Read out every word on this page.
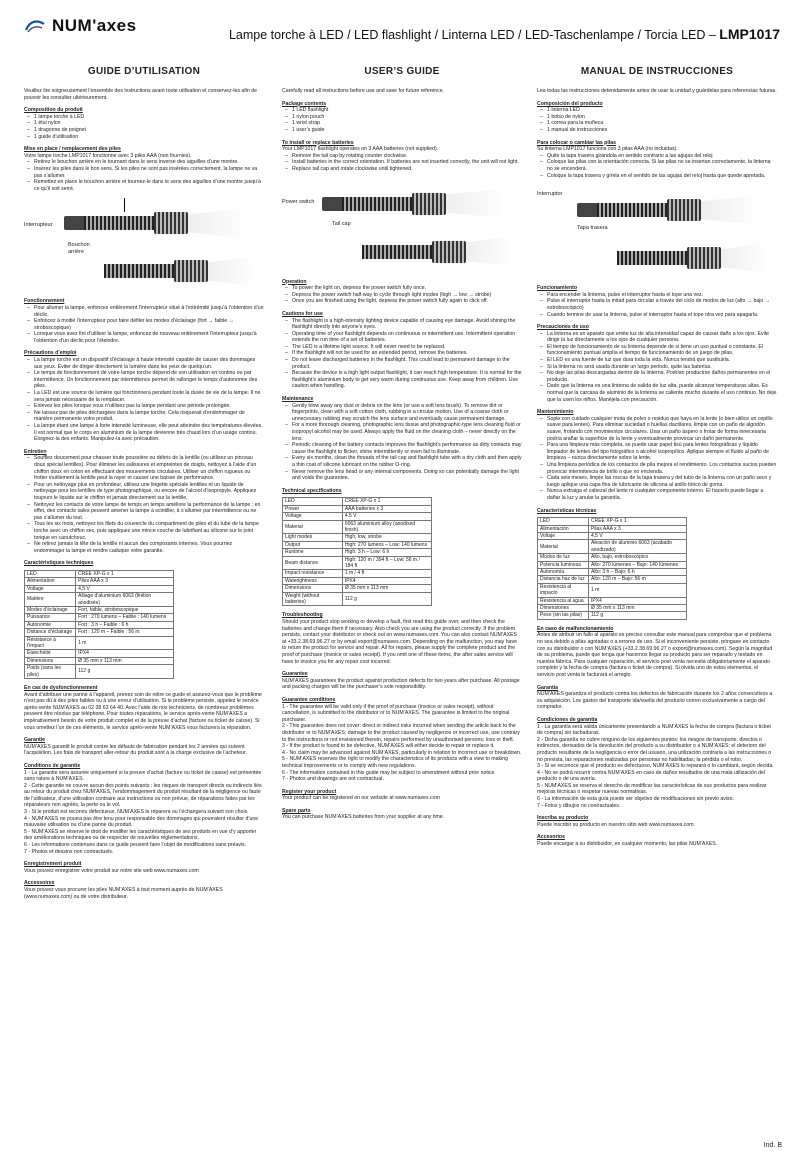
NUM'axes	Lampe torche à LED / LED flashlight / Linterna LED / LED-Taschenlampe / Torcia LED – LMP1017
GUIDE D’UTILISATION

Veuillez lire soigneusement l’ensemble des instructions avant toute utilisation et conservez-les afin de pouvoir les consulter ultérieurement.

Composition du produit
– 1 lampe torche à LED
– 1 étui nylon
– 1 dragonne de poignet
– 1 guide d’utilisation
Mise en place / remplacement des piles

Votre lampe torche LMP1017 fonctionne avec 3 piles AAA (non fournies).

– Retirez le bouchon arrière en le tournant dans le sens inverse des aiguilles d’une montre.
– Insérez les piles dans le bon sens. Si les piles ne sont pas insérées correctement, la lampe ne va pas s’allumer.
– Remettez en place le bouchon arrière et tournez-le dans le sens des aiguilles d’une montre jusqu’à ce qu’il soit serré.
Interrupteur
Bouchon arrière
Fonctionnement
– Pour allumer la lampe, enfoncez entièrement l’interrupteur situé à l’extrémité jusqu’à l’obtention d’un déclic.
– Enfoncez à moitié l’interrupteur pour faire défiler les modes d’éclairage (fort → faible → stroboscopique)
– Lorsque vous avez fini d’utiliser la lampe, enfoncez de nouveau entièrement l’interrupteur jusqu’à l’obtention d’un déclic pour l’éteindre.
Précautions d’emploi
– La lampe torche est un dispositif d’éclairage à haute intensité capable de causer des dommages aux yeux. Éviter de diriger directement la lumière dans les yeux de quelqu’un.
– Le temps de fonctionnement de votre lampe torche dépend de son utilisation en continu ou par intermittence. Un fonctionnement par intermittence permet de rallonger le temps d’autonomie des piles.
– La LED est une source de lumière qui fonctionnera pendant toute la durée de vie de la lampe. Il ne sera jamais nécessaire de la remplacer.
– Enlevez les piles lorsque vous n’utilisez pas la lampe pendant une période prolongée.
– Ne laissez pas de piles déchargées dans la lampe torche. Cela risquerait d’endommager de manière permanente votre produit.
– La lampe étant une lampe à forte intensité lumineuse, elle peut atteindre des températures élevées. Il est normal que le corps en aluminium de la lampe devienne très chaud lors d’un usage continu. Éloignez-la des enfants. Manipulez-la avec précaution.
Entretien
– Soufflez doucement pour chasser toute poussière ou débris de la lentille (ou utilisez un pinceau doux spécial lentilles). Pour éliminer les salissures et empreintes de doigts, nettoyez à l’aide d’un chiffon doux en coton en effectuant des mouvements circulaires. Utiliser un chiffon rugueux ou frotter inutilement la lentille peut la rayer et causer une baisse de performance.
– Pour un nettoyage plus en profondeur, utilisez une lingette spéciale lentilles et un liquide de nettoyage pour les lentilles de type photographique, ou encore de l’alcool d’isopropyle. Appliquez toujours le liquide sur le chiffon et jamais directement sur la lentille.
– Nettoyez les contacts de votre lampe de temps en temps améliore la performance de la lampe ; en effet, des contacts sales peuvent amener la lampe à scintiller, à s’allumer par intermittence ou ne pas s’allumer du tout.
– Tous les six mois, nettoyez les filets du couvercle du compartiment de piles et du tube de la lampe torche avec un chiffon sec, puis appliquez une mince couche de lubrifiant au silicone sur le joint torique en caoutchouc.
– Ne retirez jamais la tête de la lentille ni aucun des composants internes. Vous pourriez endommager la lampe et rendre caduque votre garantie.
Caractéristiques techniques
LED	CREE XP-G x 1
Alimentation	Piles AAA x 3
Voltage	4,5 V
Matière	Alliage d’aluminium 6063 (finition anodisée)
Modes d’éclairage	Fort, faible, stroboscopique
Puissance	Fort : 270 lumens – Faible : 140 lumens
Autonomie	Fort : 3 h – Faible : 6 h
Distance d’éclairage	Fort : 120 m – Faible : 56 m
Résistance à l’impact	1 m
Étanchéité	IPX4
Dimensions	Ø 35 mm x 113 mm
Poids (sans les piles)	112 g
En cas de dysfonctionnement

Avant d’attribuer une panne à l’appareil, prenez soin de relire ce guide et assurez-vous que le problème n’est pas dû à des piles faibles ou à une erreur d’utilisation. Si le problème persiste, appelez le service après-vente NUM’AXES au 02 38 63 64 40. Avec l’aide de nos techniciens, de nombreux problèmes peuvent être résolus par téléphone. Pour toutes réparations, le service après-vente NUM’AXES a impérativement besoin de votre produit complet et de la preuve d’achat (facture ou ticket de caisse). Si vous omettez l’un de ces éléments, le service après-vente NUM’AXES vous facturera la réparation.

Garantie

NUM’AXES garantit le produit contre les défauts de fabrication pendant les 2 années qui suivent l’acquisition. Les frais de transport aller-retour du produit sont à la charge exclusive de l’acheteur.

Conditions de garantie

1 - La garantie sera assurée uniquement si la preuve d’achat (facture ou ticket de caisse) est présentée sans rature à NUM’AXES.

2 - Cette garantie ne couvre aucun des points suivants : les risques de transport directs ou indirects liés au retour du produit chez NUM’AXES, l’endommagement du produit résultant de la négligence ou faute de l’utilisateur, d’une utilisation contraire aux instructions ou non prévue, de réparations faites par les réparateurs non agréés, la perte ou le vol.

3 - Si le produit est reconnu défectueux, NUM’AXES le réparera ou l’échangera suivant son choix.

4 - NUM’AXES ne pourra pas être tenu pour responsable des dommages qui pourraient résulter d’une mauvaise utilisation ou d’une panne du produit.

5 - NUM’AXES se réserve le droit de modifier les caractéristiques de ses produits en vue d’y apporter des améliorations techniques ou de respecter de nouvelles réglementations.

6 - Les informations contenues dans ce guide peuvent faire l’objet de modifications sans préavis.

7 - Photos et dessins non contractuels.

Enregistrement produit

Vous pouvez enregistrer votre produit sur notre site web www.numaxes.com

Accessoires

Vous pouvez vous procurer les piles NUM’AXES à tout moment auprès de NUM’AXES (www.numaxes.com) ou de votre distributeur.

USER’S GUIDE

Carefully read all instructions before use and save for future reference.

Package contents
– 1 LED flashlight
– 1 nylon pouch
– 1 wrist strap
– 1 user’s guide
To install or replace batteries

Your LMP1017 flashlight operates on 3 AAA batteries (not supplied).

– Remove the tail cap by rotating counter clockwise.
– Install batteries in the correct orientation. If batteries are not inserted correctly, the unit will not light.
– Replace tail cap and rotate clockwise until tightened.
Power switch
Tail cap
Operation
– To power the light on, depress the power switch fully once.
– Depress the power switch half-way to cycle through light modes (high → low → strobe)
– Once you are finished using the light, depress the power switch fully again to click off.
Cautions for use
– The flashlight is a high-intensity lighting device capable of causing eye damage. Avoid shining the flashlight directly into anyone’s eyes.
– Operating time of your flashlight depends on continuous or intermittent use. Intermittent operation extends the run time of a set of batteries.
– The LED is a lifetime light source. It will never need to be replaced.
– If the flashlight will not be used for an extended period, remove the batteries.
– Do not leave discharged batteries in the flashlight. This could lead to permanent damage to the product.
– Because the device is a high light output flashlight, it can reach high temperature. It is normal for the flashlight’s aluminium body to get very warm during continuous use. Keep away from children. Use caution when handling.
Maintenance
– Gently blow away any dust or debris on the lens (or use a soft lens brush). To remove dirt or fingerprints, clean with a soft cotton cloth, rubbing in a circular motion. Use of a coarse cloth or unnecessary rubbing may scratch the lens surface and eventually cause permanent damage.
– For a more thorough cleaning, photographic lens tissue and photographic-type lens cleaning fluid or isopropyl alcohol may be used. Always apply the fluid on the cleaning cloth – never directly on the lens.
– Periodic cleaning of the battery contacts improves the flashlight’s performance as dirty contacts may cause the flashlight to flicker, shine intermittently or even fail to illuminate.
– Every six months, clean the threads of the tail cap and flashlight tube with a dry cloth and then apply a thin coat of silicone lubricant on the rubber O-ring.
– Never remove the lens head or any internal components. Doing so can potentially damage the light and voids the guarantee.
Technical specifications
LED	CREE XP-G x 1
Power	AAA batteries x 3
Voltage	4.5 V
Material	6063 aluminium alloy (anodised finish)
Light modes	High, low, strobe
Output	High: 270 lumens – Low: 140 lumens
Runtime	High: 3 h – Low: 6 h
Beam distance	High: 120 m / 394 ft – Low: 56 m / 184 ft
Impact resistance	1 m / 4 ft
Waterightness	IPX4
Dimensions	Ø 35 mm x 113 mm
Weight (without batteries)	112 g
Troubleshooting

Should your product stop working or develop a fault, first read this guide over, and then check the batteries and change them if necessary. Also check you are using the product correctly. If the problem persists, contact your distributor or check out on www.numaxes.com. You can also contact NUM’AXES at +33.2.38.69.96.27 or by email export@numaxes.com. Depending on the malfunction, you may have to return the product for service and repair. All for repairs, please supply the complete product and the proof of purchase (invoice or sales receipt). If you omit one of these items, the after sales service will have to invoice you for any repair cost incurred.

Guarantee

NUM’AXES guarantees the product against production defects for two years after purchase. All postage and packing charges will be the purchaser’s sole responsibility.

Guarantee conditions

1 - The guarantee will be valid only if the proof of purchase (invoice or sales receipt), without cancellation, is submitted to the distributor or to NUM’AXES. The guarantee is limited to the original purchaser.

2 - This guarantee does not cover: direct or indirect risks incurred when sending the article back to the distributor or to NUM’AXES; damage to the product caused by negligence or incorrect use, use contrary to the instructions or not envisioned therein, repairs performed by unauthorised persons; loss or theft.

3 - If the product is found to be defective, NUM’AXES will either decide to repair or replace it.

4 - No claim may be advanced against NUM’AXES, particularly in relation to incorrect use or breakdown.

5 - NUM’AXES reserves the right to modify the characteristics of its products with a view to making technical improvements or to comply with new regulations.

6 - The information contained in this guide may be subject to amendment without prior notice

7 - Photos and drawings are not contractual.

Register your product

Your product can be registered on our website at www.numaxes.com

Spare parts

You can purchase NUM’AXES batteries from your supplier at any time.

MANUAL DE INSTRUCCIONES

Lea todas las instrucciones detenidamente antes de usar la unidad y guárdelas para referencias futuras.

Composición del producto
– 1 linterna LED
– 1 bolso de nylon
– 1 correa para la muñeca
– 1 manual de instrucciones
Para colocar o cambiar las pilas

Su linterna LMP1017 funciona con 3 pilas AAA (no incluidas).

– Quite la tapa trasera girándola en sentido contrario a las agujas del reloj
– Coloque las pilas con la orientación correcta. Si las pilas no se insertan correctamente, la linterna no se encenderá.
– Coloque la tapa trasera y gírela en el sentido de las agujas del reloj hasta que quede apretada.
Interruptor
Tapa trasera
Funcionamiento
– Para encender la linterna, pulse el interruptor hasta el tope una vez.
– Pulse el interruptor hasta la mitad para circular a través del ciclo de modos de luz (alto → bajo → estroboscópico)
– Cuando termine de usar la linterna, pulse el interruptor hasta el tope otra vez para apagarla.
Precauciones de uso
– La linterna es un aparato que emite luz de alta intensidad capaz de causar daño a los ojos. Evite dirigir la luz directamente a los ojos de cualquier persona.
– El tiempo de funcionamiento de su linterna depende de si tiene un uso puntual o constante. El funcionamiento puntual amplía el tiempo de funcionamiento de un juego de pilas.
– El LED es una fuente de luz que dura toda la vida. Nunca tendrá que sustituirla.
– Si la linterna no será usada durante un largo periodo, quite las baterías.
– No deje las pilas descargadas dentro de la linterna. Podrían producirse daños permanentes en el producto.
– Dado que la linterna es una linterna de salida de luz alta, puede alcanzar temperaturas altas. Es normal que la carcasa de aluminio de la linterna se caliente mucho durante el uso continuo. No deje que la usen los niños. Manéjela con precaución.
Mantenimiento
– Sople con cuidado cualquier mota de polvo o residuo que haya en la lente (o bien utilice un cepillo suave para lentes). Para eliminar suciedad o huellas dactilares, limpie con un paño de algodón suave, frotando con movimientos circulares. Usar un paño áspero o frotar de forma innecesaria podría arañar la superficie de la lente y eventualmente provocar un daño permanente.
– Para una limpieza más completa, se puede usar papel tisú para lentes fotográficas y líquido limpiador de lentes del tipo fotográfico o alcohol isopropílico. Aplique siempre el fluido al paño de limpieza – nunca directamente sobre la lente.
– Una limpieza periódica de los contactos de pila mejora el rendimiento. Los contactos sucios pueden provocar intermitencia de brillo o que no encienda.
– Cada seis meses, limpie las roscas de la tapa trasera y del tubo de la linterna con un paño seco y luego aplique una capa fina de lubricante de silicona al anillo tórico de goma.
– Nunca extraiga el cabezal del lente ni cualquier componente interno. El hacerlo puede llegar a dañar la luz y anular la garantía.
Características técnicas
LED	CREE XP-G x 1
Alimentación	Pilas AAA x 3
Voltaje	4,5 V
Material	Aleación de aluminio 6063 (acabado anodizado)
Modos de luz	Alto, bajo, estroboscópico
Potencia luminosa	Alto: 270 lúmenes – Bajo: 140 lúmenes
Autonomía	Alto: 3 h – Bajo: 6 h
Distancia haz de luz	Alto: 120 m – Bajo: 56 m
Resistencia al impacto	1 m
Resistencia al agua	IPX4
Dimensiones	Ø 35 mm x 113 mm
Peso (sin las pilas)	112 g
En caso de malfuncionamiento

Antes de atribuir un fallo al aparato es preciso consultar este manual para comprobar que el problema no sea debido a pilas agotadas o a errores de uso. Si el inconveniente persiste, póngase en contacto con su distribuidor o con NUM’AXES (+33.2.38.69.96.27 o export@numaxes.com). Según la magnitud de su problema, puede que tenga que hacernos llegar su producto para ser reparado y testado en nuestra fábrica. Para cualquier reparación, el servicio post venta necesita obligatoriamente el aparato completo y la fecha de compra (factura o ticket de compra). Si olvida uno de estos elementos, el servicio post venta le facturará el arreglo.

Garantía

NUM’AXES garantiza el producto contra los defectos de fabricación durante los 2 años consecutivos a su adquisición. Los gastos del transporte ida/vuelta del producto corren exclusivamente a cargo del comprador.

Condiciones de garantía

1 - La garantía será válida únicamente presentando a NUM’AXES la fecha de compra (factura o ticket de compra) sin tachaduras.

2 - Dicha garantía no cubre ninguno de los siguientes puntos: los riesgos de transporte, directos o indirectos, derivados de la devolución del producto a su distribuidor o a NUM’AXES; el deterioro del producto resultante de la negligencia o error del usuario, una utilización contraria a las instrucciones o no prevista, las reparaciones realizadas por personas no habilitadas; la pérdida o el robo.

3 - Si se reconoce que el producto es defectuoso, NUM’AXES lo reparará o lo cambiará, según decida.

4 - No se podrá recurrir contra NUM’AXES en caso de daños resultados de una mala utilización del producto o de una avería.

5 - NUM’AXES se reserva el derecho de modificar las características de sus productos para realizar mejoras técnicas o respetar nuevas normativas.

6 - La información de esta guía puede ser objetivo de modificaciones sin previo aviso.

7 - Fotos y dibujos no contractuales.

Inscriba su producto

Puede inscribir su producto en nuestro sitio web www.numaxes.com.

Accesorios

Puede encargar a su distribuidor, en cualquier momento, las pilas NUM’AXES.

Ind. B
